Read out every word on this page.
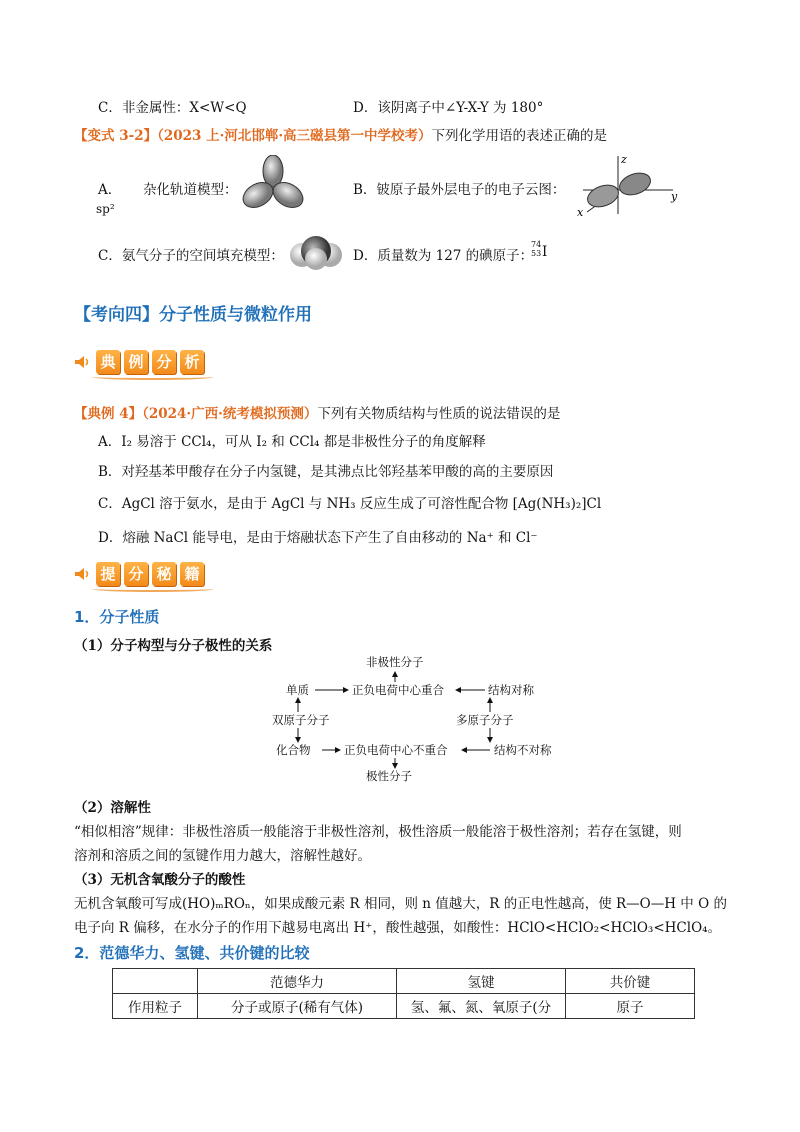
C．非金属性：X<W<Q	D．该阴离子中∠Y-X-Y 为 180°
【变式 3-2】（2023 上·河北邯郸·高三磁县第一中学校考）下列化学用语的表述正确的是
A． 杂化轨道模型：
sp²
B．铍原子最外层电子的电子云图：
z
y
x
C．氨气分子的空间填充模型：	D．质量数为 127 的碘原子：
74
53 I
【考向四】分子性质与微粒作用
典 例 分 析
【典例 4】（2024·广西·统考模拟预测）下列有关物质结构与性质的说法错误的是
A．I₂ 易溶于 CCl₄，可从 I₂ 和 CCl₄ 都是非极性分子的角度解释
B．对羟基苯甲酸存在分子内氢键，是其沸点比邻羟基苯甲酸的高的主要原因
C．AgCl 溶于氨水，是由于 AgCl 与 NH₃ 反应生成了可溶性配合物 [Ag(NH₃)₂]Cl
D．熔融 NaCl 能导电，是由于熔融状态下产生了自由移动的 Na⁺ 和 Cl⁻
提 分 秘 籍
1．分子性质
（1）分子构型与分子极性的关系
非极性分子
单质	正负电荷中心重合	结构对称
双原子分子	多原子分子
化合物	正负电荷中心不重合	结构不对称
极性分子
（2）溶解性
“相似相溶”规律：非极性溶质一般能溶于非极性溶剂，极性溶质一般能溶于极性溶剂；若存在氢键，则
溶剂和溶质之间的氢键作用力越大，溶解性越好。
（3）无机含氧酸分子的酸性
无机含氧酸可写成(HO)ₘROₙ，如果成酸元素 R 相同，则 n 值越大，R 的正电性越高，使 R—O—H 中 O 的
电子向 R 偏移，在水分子的作用下越易电离出 H⁺，酸性越强，如酸性：HClO<HClO₂<HClO₃<HClO₄。
2．范德华力、氢键、共价键的比较
	范德华力	氢键	共价键
作用粒子	分子或原子(稀有气体)	氢、氟、氮、氧原子(分	原子
